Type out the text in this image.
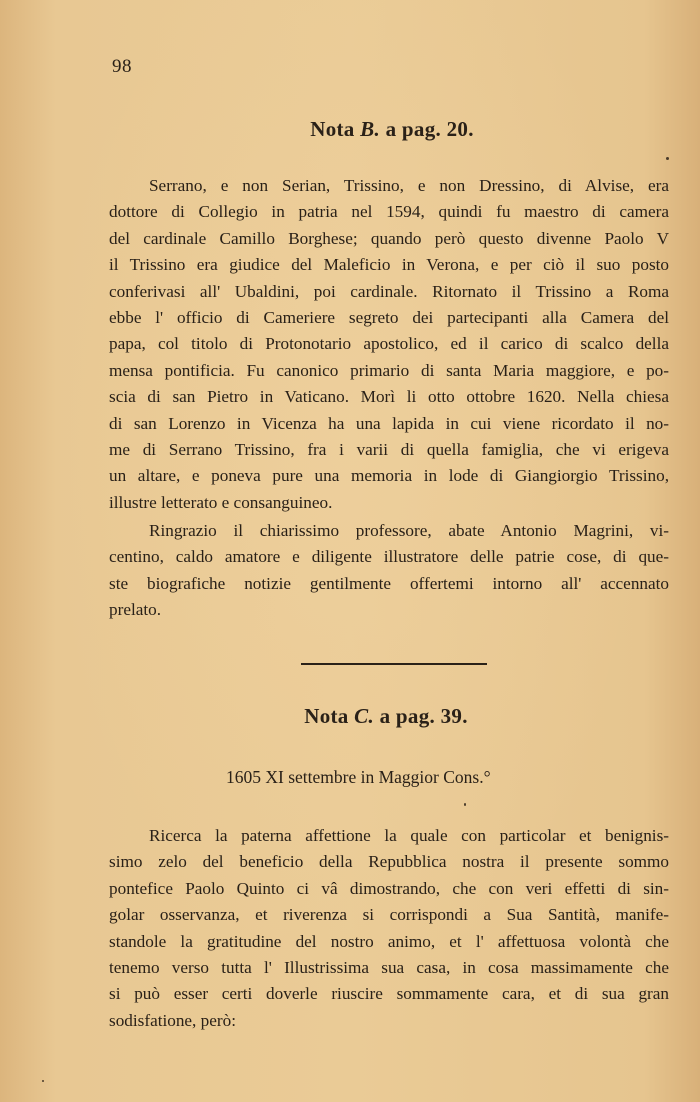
98
Nota B. a pag. 20.
Serrano, e non Serian, Trissino, e non Dressino, di Alvise, era
dottore di Collegio in patria nel 1594, quindi fu maestro di camera
del cardinale Camillo Borghese; quando però questo divenne Paolo V
il Trissino era giudice del Maleficio in Verona, e per ciò il suo posto
conferivasi all' Ubaldini, poi cardinale. Ritornato il Trissino a Roma
ebbe l' officio di Cameriere segreto dei partecipanti alla Camera del
papa, col titolo di Protonotario apostolico, ed il carico di scalco della
mensa pontificia. Fu canonico primario di santa Maria maggiore, e po-
scia di san Pietro in Vaticano. Morì li otto ottobre 1620. Nella chiesa
di san Lorenzo in Vicenza ha una lapida in cui viene ricordato il no-
me di Serrano Trissino, fra i varii di quella famiglia, che vi erigeva
un altare, e poneva pure una memoria in lode di Giangiorgio Trissino,
illustre letterato e consanguineo.
Ringrazio il chiarissimo professore, abate Antonio Magrini, vi-
centino, caldo amatore e diligente illustratore delle patrie cose, di que-
ste biografiche notizie gentilmente offertemi intorno all' accennato
prelato.
Nota C. a pag. 39.
1605 XI settembre in Maggior Cons.°
Ricerca la paterna affettione la quale con particolar et benignis-
simo zelo del beneficio della Repubblica nostra il presente sommo
pontefice Paolo Quinto ci vâ dimostrando, che con veri effetti di sin-
golar osservanza, et riverenza si corrispondi a Sua Santità, manife-
standole la gratitudine del nostro animo, et l' affettuosa volontà che
tenemo verso tutta l' Illustrissima sua casa, in cosa massimamente che
si può esser certi doverle riuscire sommamente cara, et di sua gran
sodisfatione, però:
